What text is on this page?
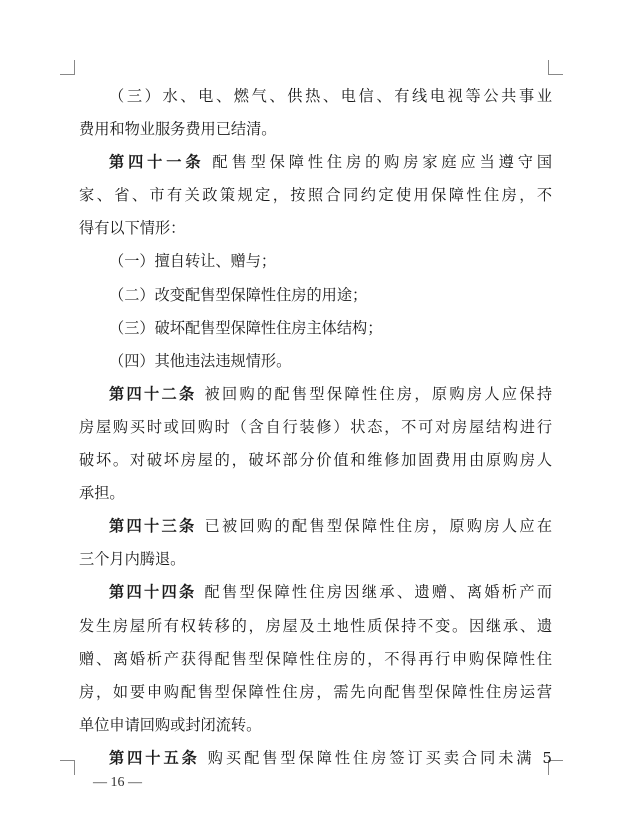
（三）水、电、燃气、供热、电信、有线电视等公共事业
费用和物业服务费用已结清。
第四十一条 配售型保障性住房的购房家庭应当遵守国
家、省、市有关政策规定，按照合同约定使用保障性住房，不
得有以下情形：
（一）擅自转让、赠与；
（二）改变配售型保障性住房的用途；
（三）破坏配售型保障性住房主体结构；
（四）其他违法违规情形。
第四十二条 被回购的配售型保障性住房，原购房人应保持
房屋购买时或回购时（含自行装修）状态，不可对房屋结构进行
破坏。对破坏房屋的，破坏部分价值和维修加固费用由原购房人
承担。
第四十三条 已被回购的配售型保障性住房，原购房人应在
三个月内腾退。
第四十四条 配售型保障性住房因继承、遗赠、离婚析产而
发生房屋所有权转移的，房屋及土地性质保持不变。因继承、遗
赠、离婚析产获得配售型保障性住房的，不得再行申购保障性住
房，如要申购配售型保障性住房，需先向配售型保障性住房运营
单位申请回购或封闭流转。
第四十五条 购买配售型保障性住房签订买卖合同未满 5
— 16 —
